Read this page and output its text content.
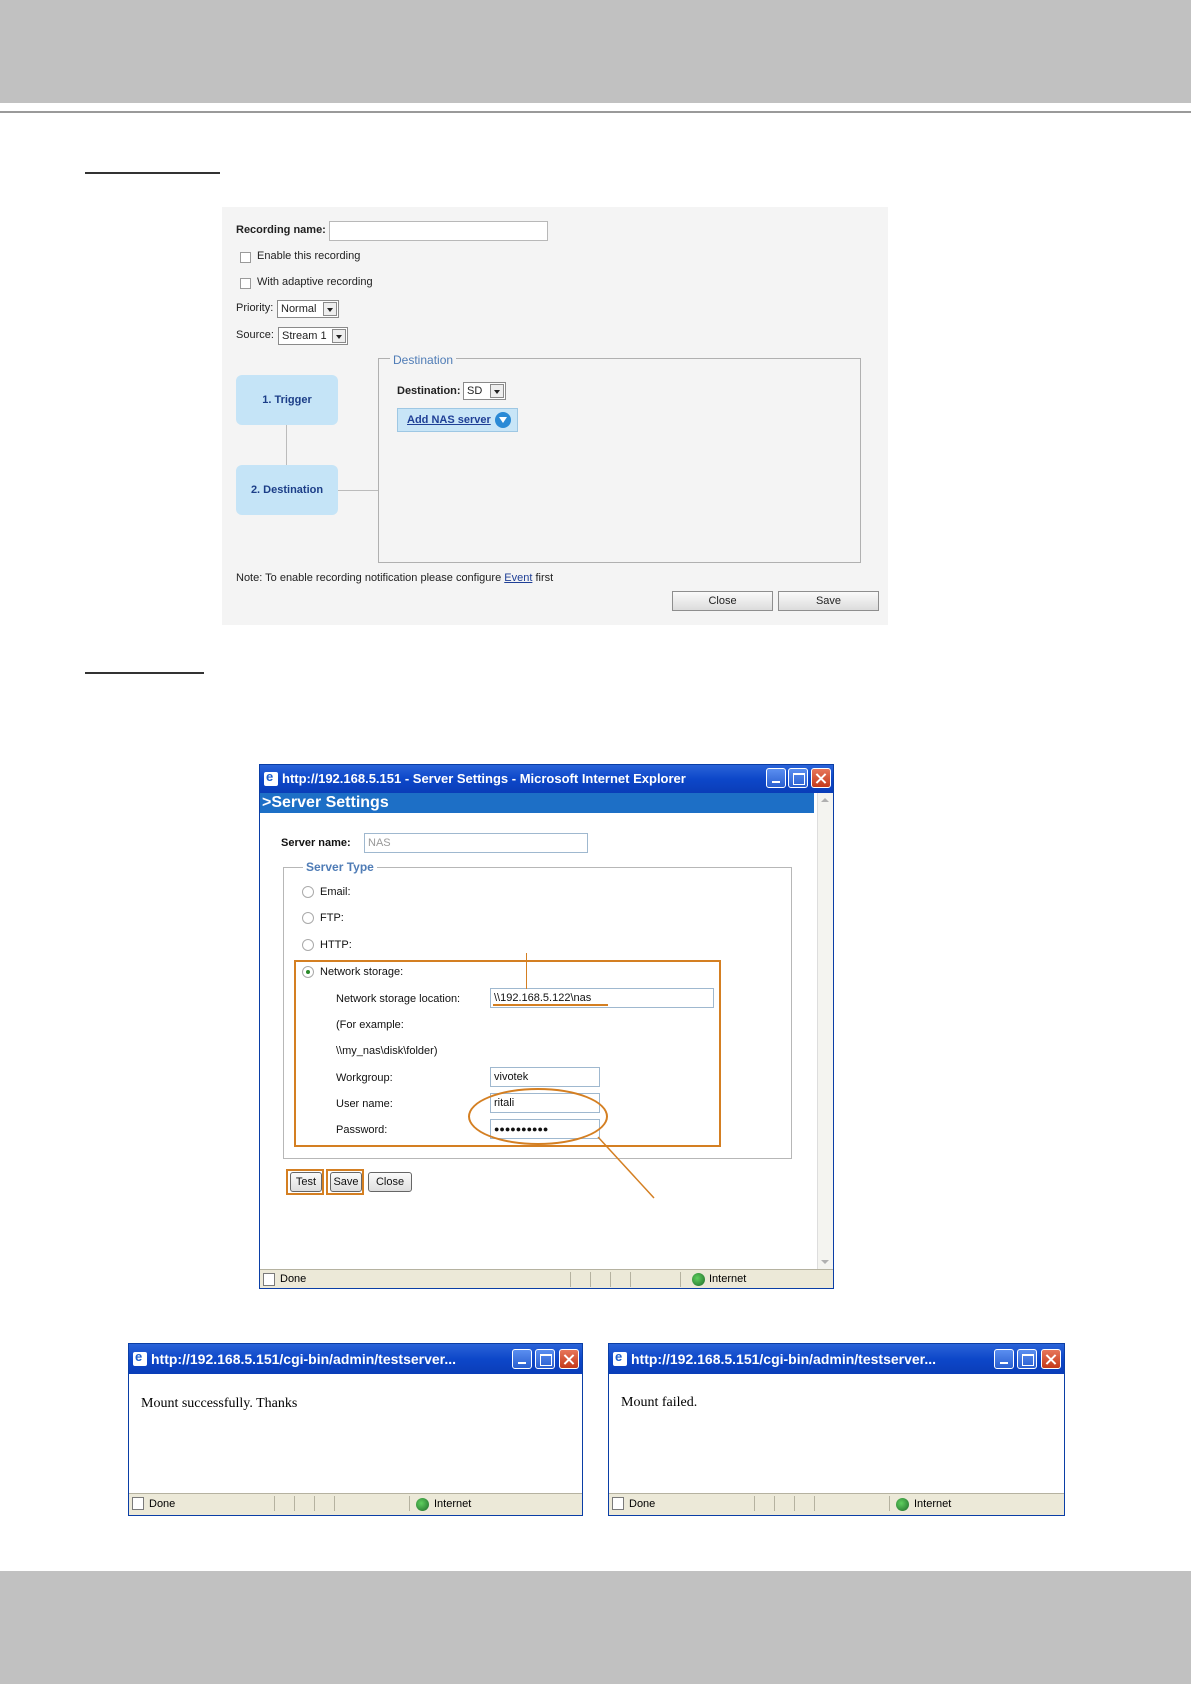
Recording name:
Enable this recording
With adaptive recording
Priority: Normal
Source: Stream 1
1. Trigger
2. Destination
Destination
Destination: SD
Add NAS server
Note: To enable recording notification please configure Event first
Close	Save
e
http://192.168.5.151 - Server Settings - Microsoft Internet Explorer
>Server Settings
Server name:	NAS
Server Type
Email:
FTP:
HTTP:
Network storage:
Network storage location:	\\192.168.5.122\nas
(For example:
\\my_nas\disk\folder)
Workgroup:	vivotek
User name:	ritali
Password:	●●●●●●●●●●
Test	Save	Close
Done	Internet
e
http://192.168.5.151/cgi-bin/admin/testserver...
Mount successfully. Thanks
Done	Internet
e
http://192.168.5.151/cgi-bin/admin/testserver...
Mount failed.
Done	Internet
